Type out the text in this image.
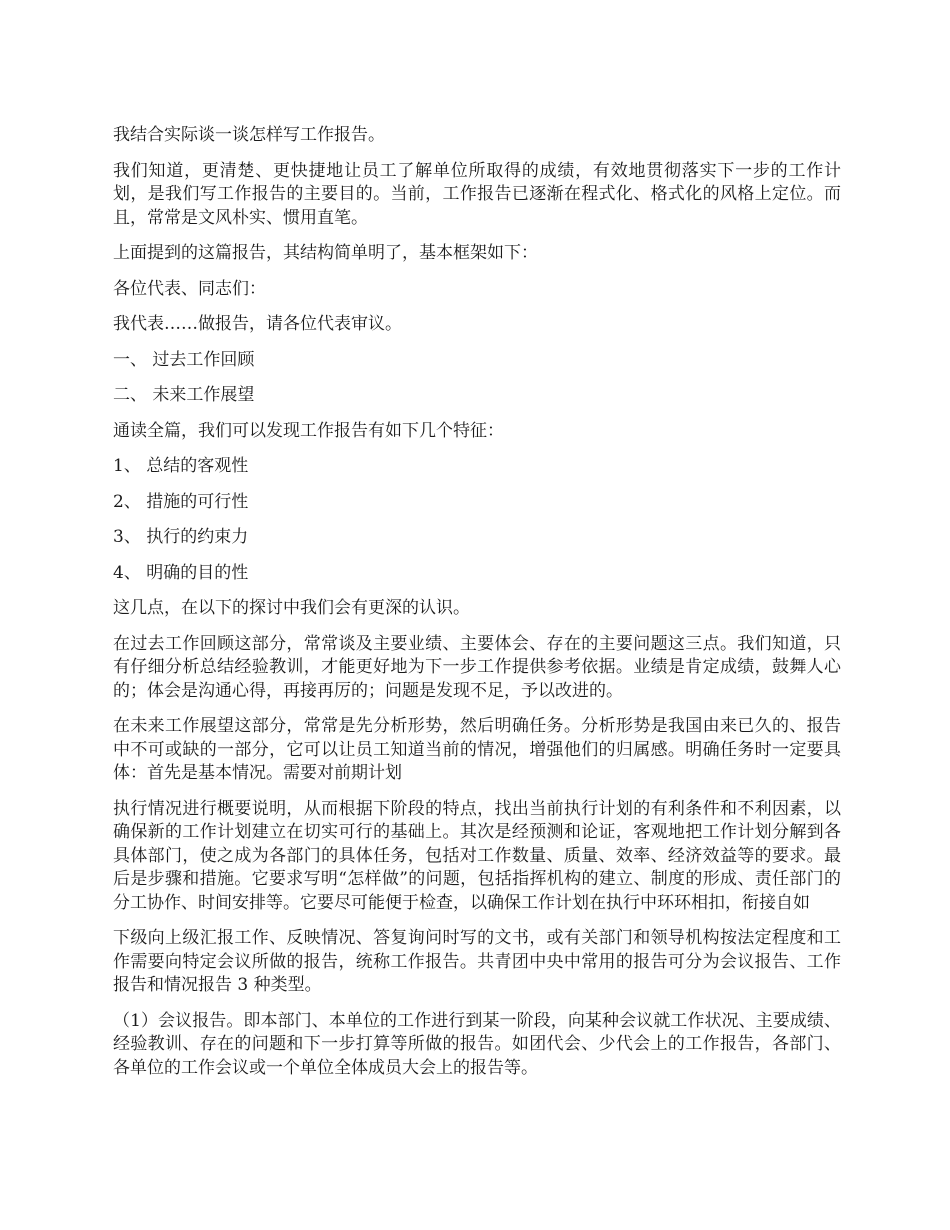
我结合实际谈一谈怎样写工作报告。

我们知道，更清楚、更快捷地让员工了解单位所取得的成绩，有效地贯彻落实下一步的工作计划，是我们写工作报告的主要目的。当前，工作报告已逐渐在程式化、格式化的风格上定位。而且，常常是文风朴实、惯用直笔。

上面提到的这篇报告，其结构简单明了，基本框架如下：

各位代表、同志们：

我代表……做报告，请各位代表审议。

一、 过去工作回顾

二、 未来工作展望

通读全篇，我们可以发现工作报告有如下几个特征：

1、 总结的客观性

2、 措施的可行性

3、 执行的约束力

4、 明确的目的性

这几点，在以下的探讨中我们会有更深的认识。

在过去工作回顾这部分，常常谈及主要业绩、主要体会、存在的主要问题这三点。我们知道，只有仔细分析总结经验教训，才能更好地为下一步工作提供参考依据。业绩是肯定成绩，鼓舞人心的；体会是沟通心得，再接再厉的；问题是发现不足，予以改进的。

在未来工作展望这部分，常常是先分析形势，然后明确任务。分析形势是我国由来已久的、报告中不可或缺的一部分，它可以让员工知道当前的情况，增强他们的归属感。明确任务时一定要具体：首先是基本情况。需要对前期计划

执行情况进行概要说明，从而根据下阶段的特点，找出当前执行计划的有利条件和不利因素，以确保新的工作计划建立在切实可行的基础上。其次是经预测和论证，客观地把工作计划分解到各具体部门，使之成为各部门的具体任务，包括对工作数量、质量、效率、经济效益等的要求。最后是步骤和措施。它要求写明“怎样做”的问题，包括指挥机构的建立、制度的形成、责任部门的分工协作、时间安排等。它要尽可能便于检查，以确保工作计划在执行中环环相扣，衔接自如

下级向上级汇报工作、反映情况、答复询问时写的文书，或有关部门和领导机构按法定程度和工作需要向特定会议所做的报告，统称工作报告。共青团中央中常用的报告可分为会议报告、工作报告和情况报告 3 种类型。

（1）会议报告。即本部门、本单位的工作进行到某一阶段，向某种会议就工作状况、主要成绩、经验教训、存在的问题和下一步打算等所做的报告。如团代会、少代会上的工作报告，各部门、各单位的工作会议或一个单位全体成员大会上的报告等。
